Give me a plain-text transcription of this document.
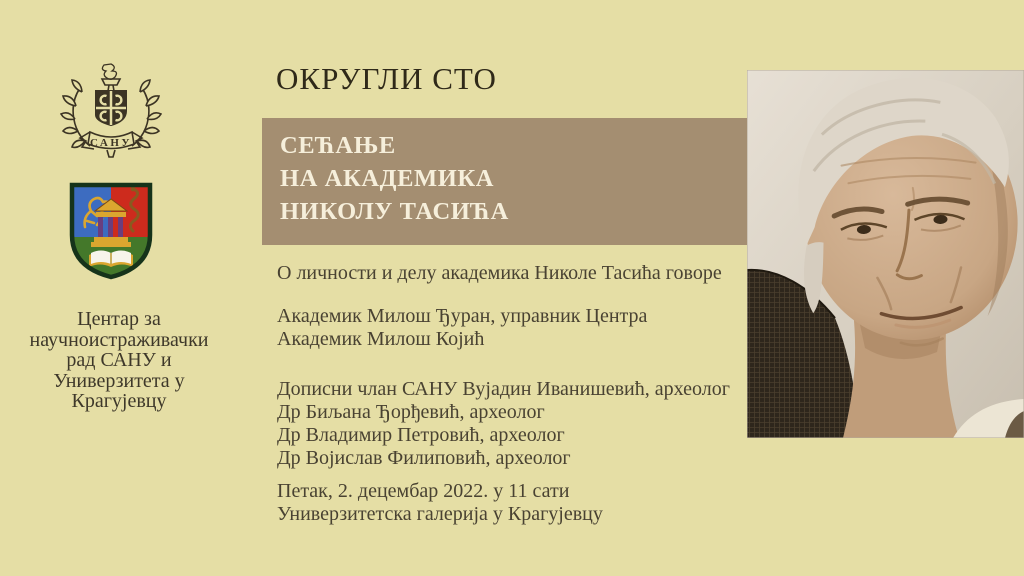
САНУ
Центар за
научноистраживачки
рад САНУ и
Универзитета у
Крагујевцу
ОКРУГЛИ СТО
СЕЋАЊЕ
НА АКАДЕМИКА
НИКОЛУ ТАСИЋА
О личности и делу академика Николе Тасића говоре
Академик Милош Ђуран, управник Центра
Академик Милош Којић
Дописни члан САНУ Вујадин Иванишевић, археолог
Др Биљана Ђорђевић, археолог
Др Владимир Петровић, археолог
Др Војислав Филиповић, археолог
Петак, 2. децембар 2022. у 11 сати
Универзитетска галерија у Крагујевцу
